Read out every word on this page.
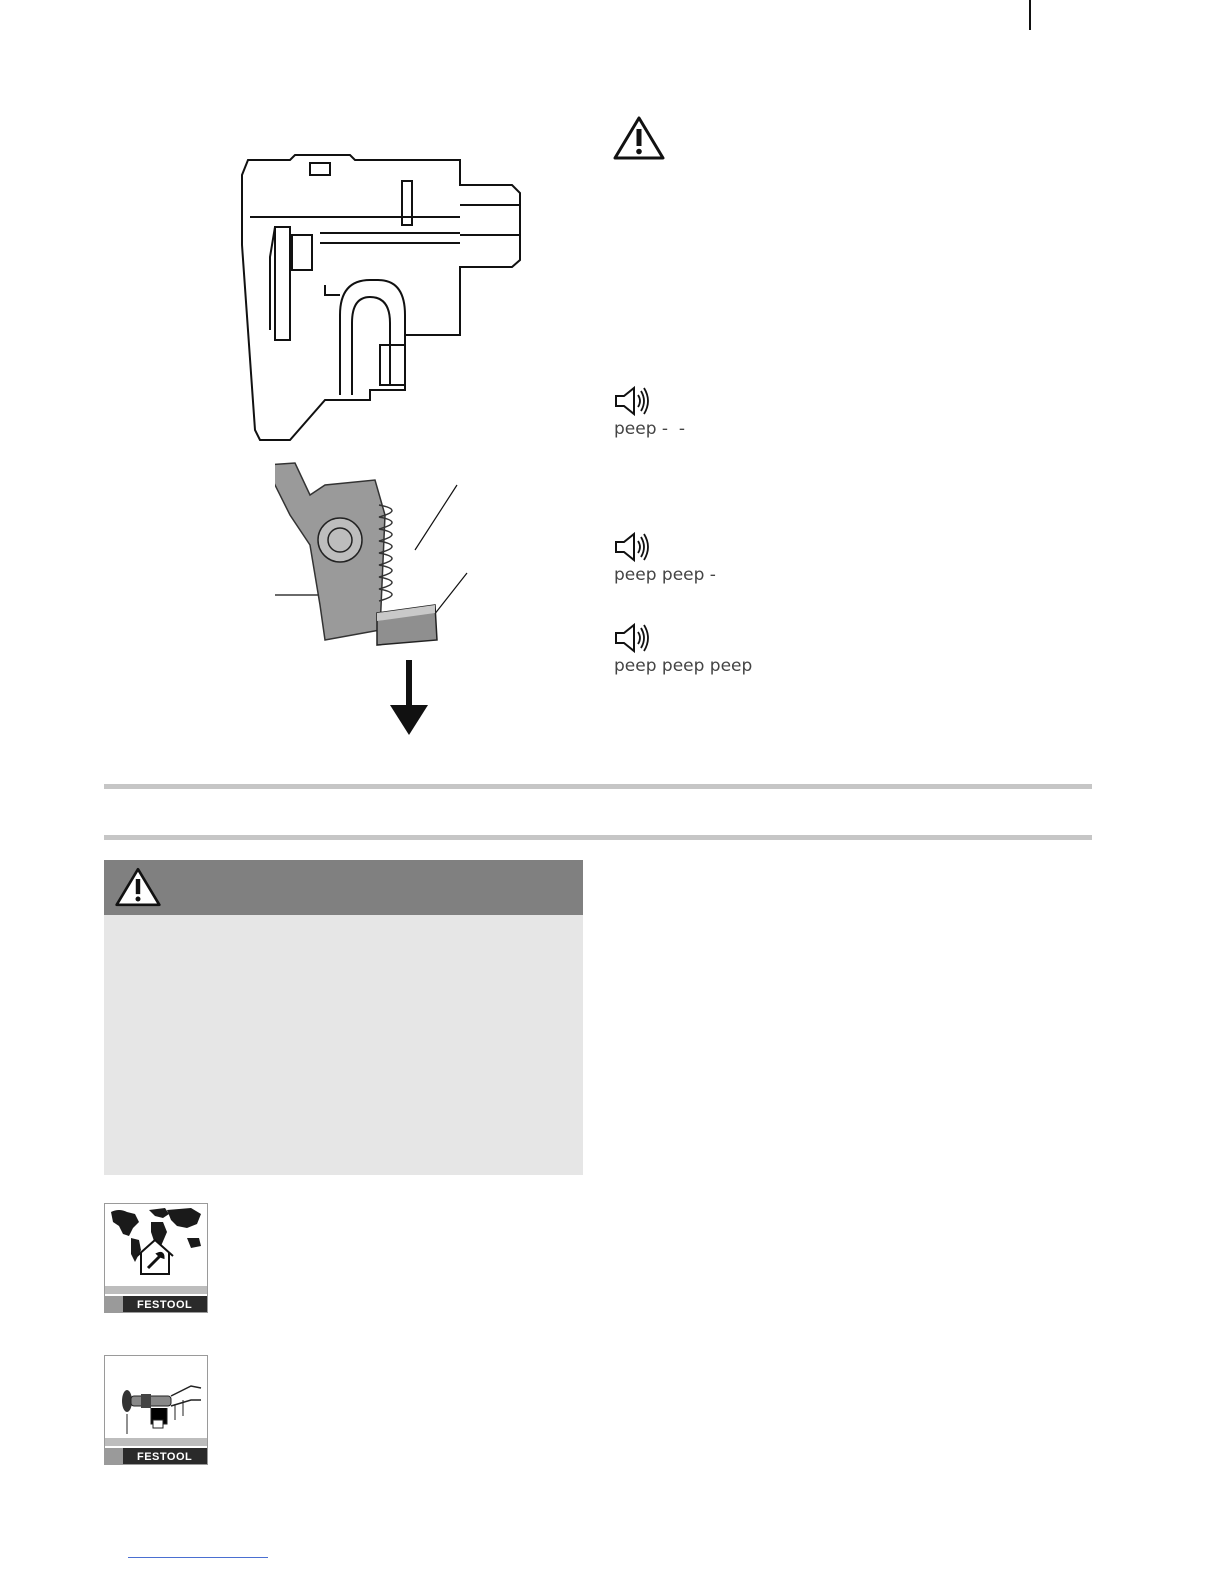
peep -  -
peep peep -
peep peep peep
FESTOOL
FESTOOL
